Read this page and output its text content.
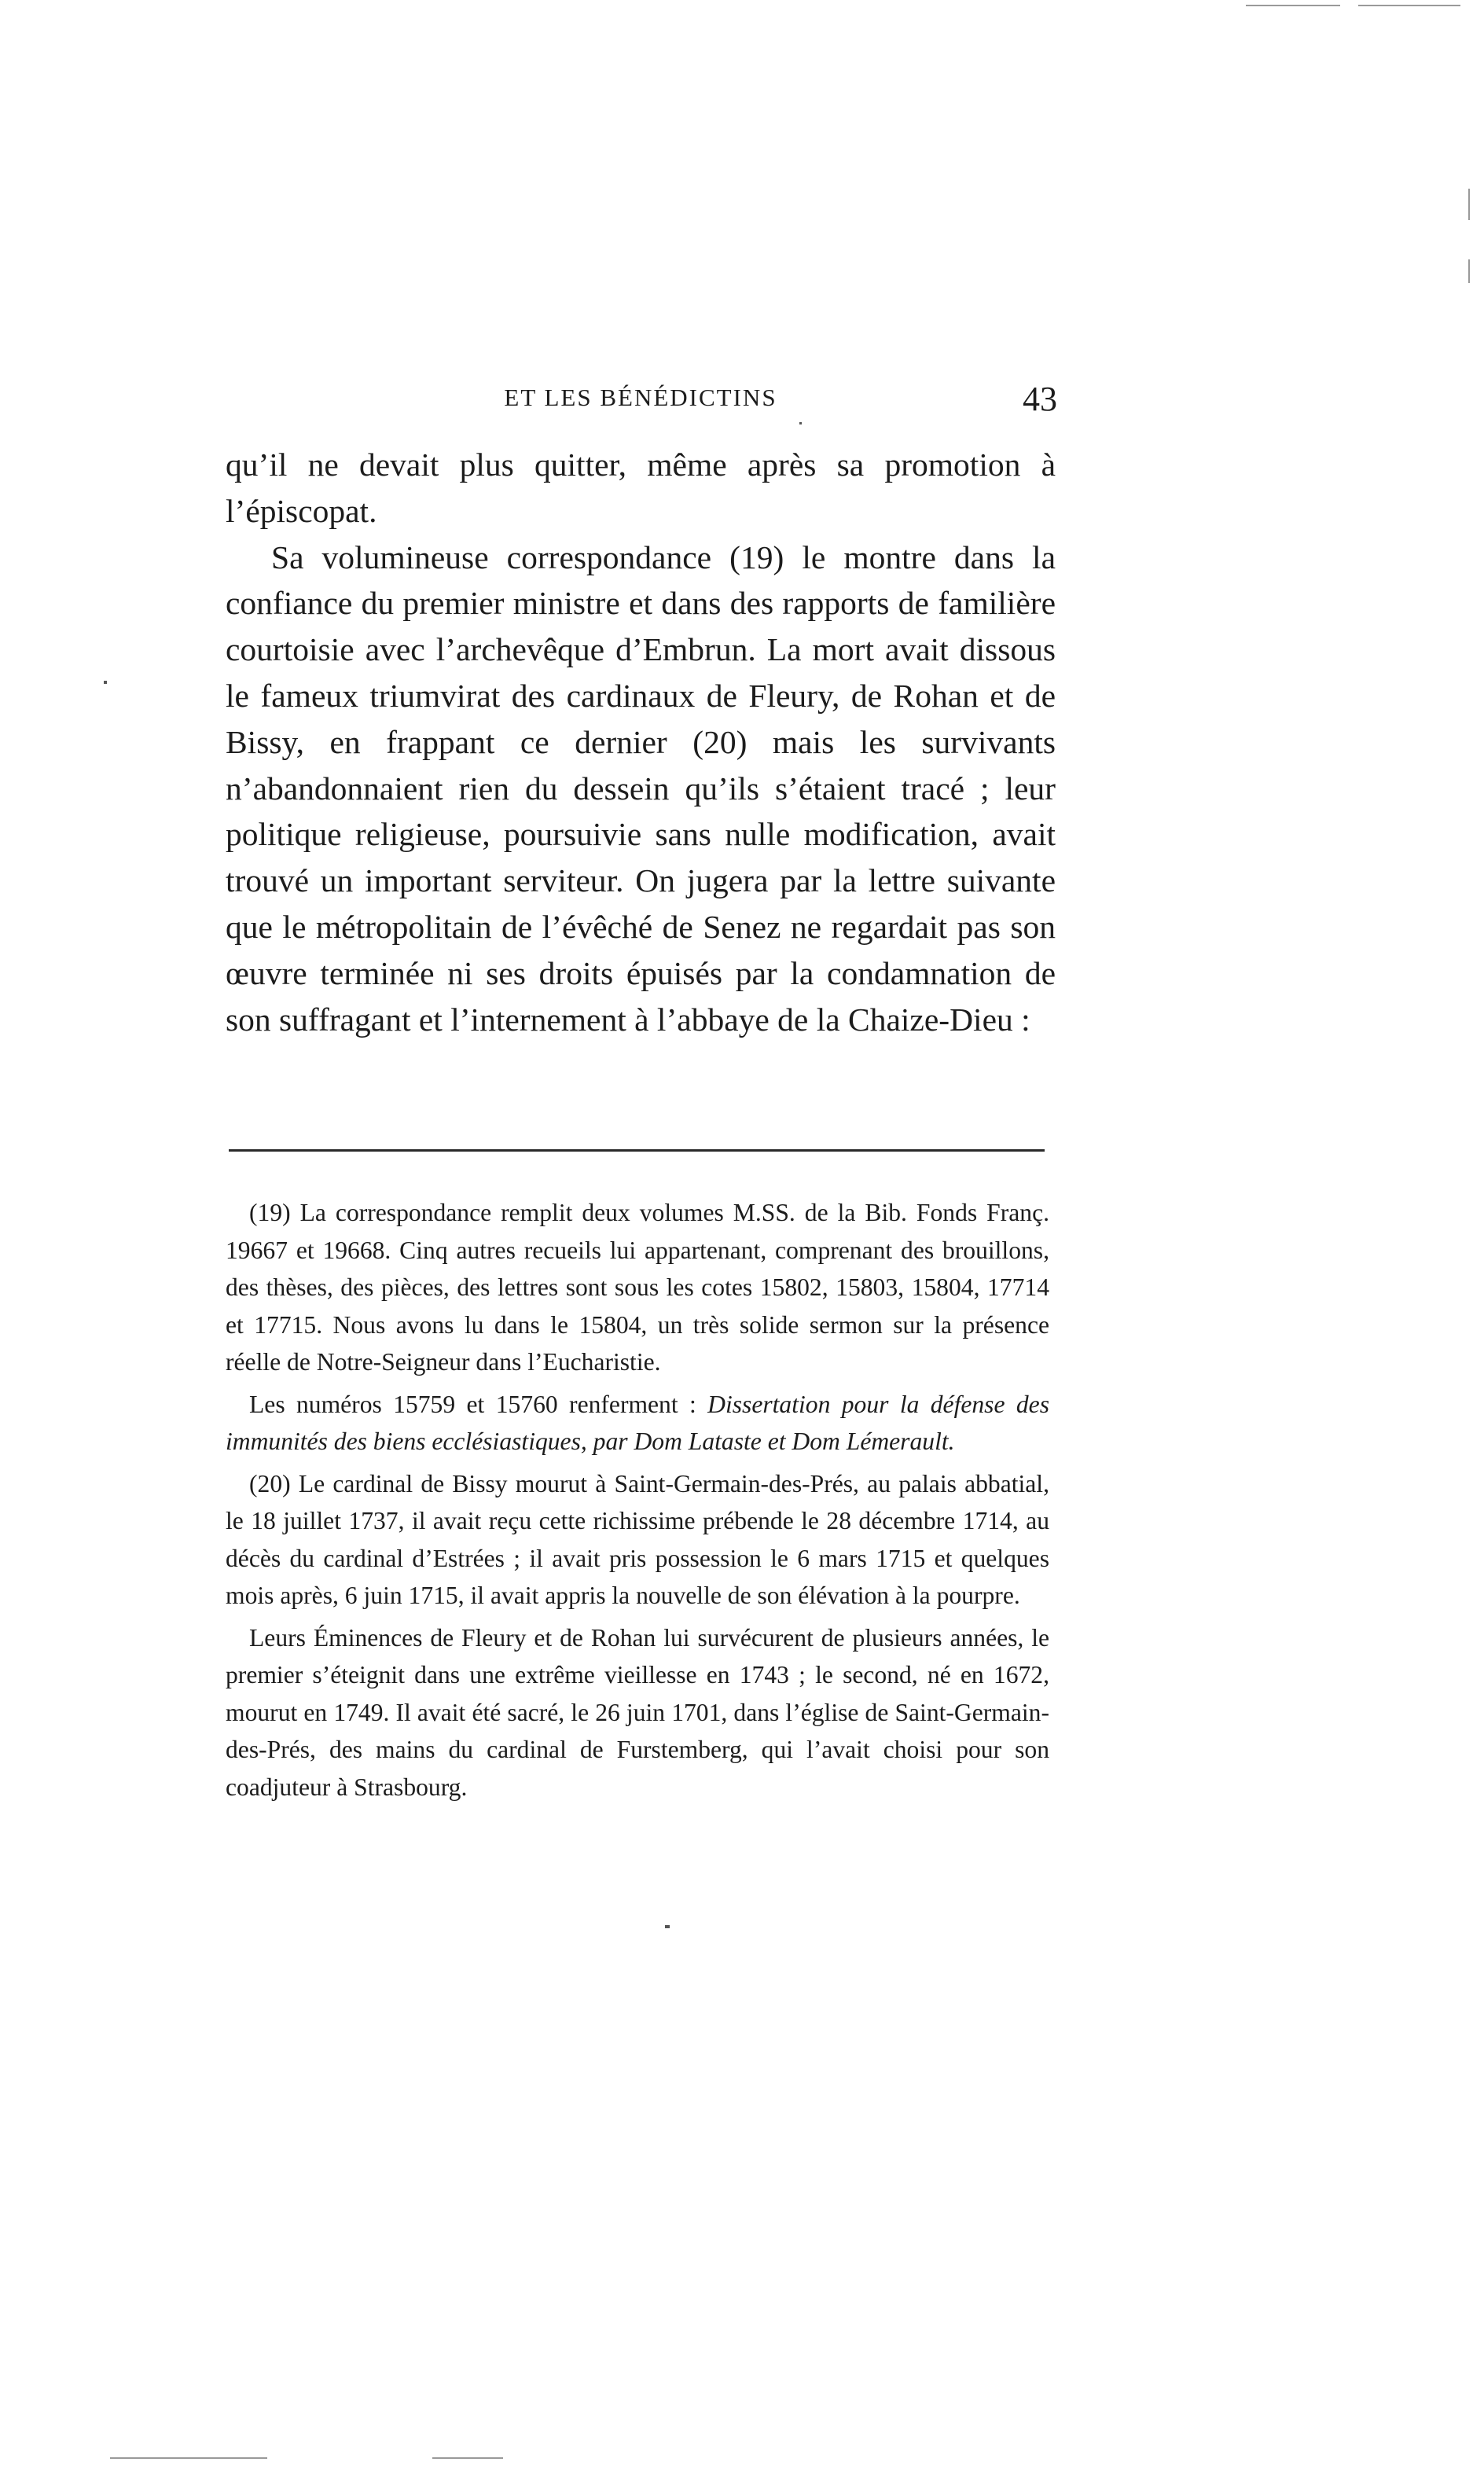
ET LES BÉNÉDICTINS	43

qu’il ne devait plus quitter, même après sa promotion à l’épiscopat.

Sa volumineuse correspondance (19) le montre dans la confiance du premier ministre et dans des rapports de familière courtoisie avec l’archevêque d’Embrun. La mort avait dissous le fameux triumvirat des cardinaux de Fleury, de Rohan et de Bissy, en frappant ce dernier (20) mais les survivants n’abandonnaient rien du dessein qu’ils s’étaient tracé ; leur politique religieuse, poursuivie sans nulle modification, avait trouvé un important serviteur. On jugera par la lettre suivante que le métropolitain de l’évêché de Senez ne regardait pas son œuvre terminée ni ses droits épuisés par la condamnation de son suffragant et l’internement à l’abbaye de la Chaize-Dieu :

(19) La correspondance remplit deux volumes M.SS. de la Bib. Fonds Franç. 19667 et 19668. Cinq autres recueils lui appartenant, comprenant des brouillons, des thèses, des pièces, des lettres sont sous les cotes 15802, 15803, 15804, 17714 et 17715. Nous avons lu dans le 15804, un très solide sermon sur la présence réelle de Notre-Seigneur dans l’Eucharistie.

Les numéros 15759 et 15760 renferment : Dissertation pour la défense des immunités des biens ecclésiastiques, par Dom Lataste et Dom Lémerault.

(20) Le cardinal de Bissy mourut à Saint-Germain-des-Prés, au palais abbatial, le 18 juillet 1737, il avait reçu cette richissime prébende le 28 décembre 1714, au décès du cardinal d’Estrées ; il avait pris possession le 6 mars 1715 et quelques mois après, 6 juin 1715, il avait appris la nouvelle de son élévation à la pourpre.

Leurs Éminences de Fleury et de Rohan lui survécurent de plusieurs années, le premier s’éteignit dans une extrême vieillesse en 1743 ; le second, né en 1672, mourut en 1749. Il avait été sacré, le 26 juin 1701, dans l’église de Saint-Germain-des-Prés, des mains du cardinal de Furstemberg, qui l’avait choisi pour son coadjuteur à Strasbourg.
